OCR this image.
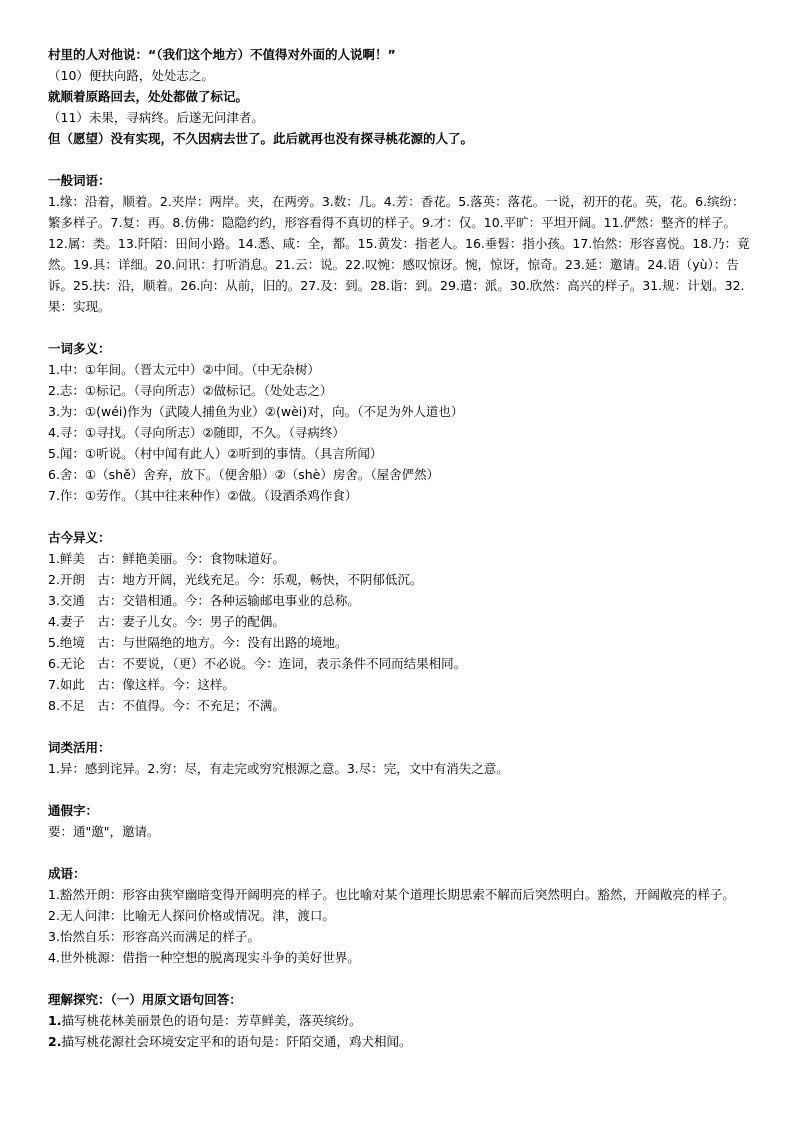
村里的人对他说：“（我们这个地方）不值得对外面的人说啊！”
（10）便扶向路，处处志之。
就顺着原路回去，处处都做了标记。
（11）未果，寻病终。后遂无问津者。
但（愿望）没有实现，不久因病去世了。此后就再也没有探寻桃花源的人了。
一般词语：
1.缘：沿着，顺着。2.夹岸：两岸。夹，在两旁。3.数：几。4.芳：香花。5.落英：落花。一说，初开的花。英，花。6.缤纷：繁多样子。7.复：再。8.仿佛：隐隐约约，形容看得不真切的样子。9.才：仅。10.平旷：平坦开阔。11.俨然：整齐的样子。12.属：类。13.阡陌：田间小路。14.悉、咸：全，都。15.黄发：指老人。16.垂髫：指小孩。17.怡然：形容喜悦。18.乃：竟然。19.具：详细。20.问讯：打听消息。21.云：说。22.叹惋：感叹惊讶。惋，惊讶，惊奇。23.延：邀请。24.语（yù）：告诉。25.扶：沿，顺着。26.向：从前，旧的。27.及：到。28.诣：到。29.遣：派。30.欣然：高兴的样子。31.规：计划。32.果：实现。
一词多义：
1.中：①年间。（晋太元中）②中间。（中无杂树）
2.志：①标记。（寻向所志）②做标记。（处处志之）
3.为：①(wéi)作为（武陵人捕鱼为业）②(wèi)对，向。（不足为外人道也）
4.寻：①寻找。（寻向所志）②随即，不久。（寻病终）
5.闻：①听说。（村中闻有此人）②听到的事情。（具言所闻）
6.舍：①（shě）舍弃，放下。（便舍船）②（shè）房舍。（屋舍俨然）
7.作：①劳作。（其中往来种作）②做。（设酒杀鸡作食）
古今异义：
1.鲜美　古：鲜艳美丽。今：食物味道好。
2.开朗　古：地方开阔，光线充足。今：乐观，畅快，不阴郁低沉。
3.交通　古：交错相通。今：各种运输邮电事业的总称。
4.妻子　古：妻子儿女。今：男子的配偶。
5.绝境　古：与世隔绝的地方。今：没有出路的境地。
6.无论　古：不要说，（更）不必说。今：连词，表示条件不同而结果相同。
7.如此　古：像这样。今：这样。
8.不足　古：不值得。今：不充足；不满。
词类活用：
1.异：感到诧异。2.穷：尽，有走完或穷究根源之意。3.尽：完，文中有消失之意。
通假字：
要：通"邀"，邀请。
成语：
1.豁然开朗：形容由狭窄幽暗变得开阔明亮的样子。也比喻对某个道理长期思索不解而后突然明白。豁然，开阔敞亮的样子。
2.无人问津：比喻无人探问价格或情况。津，渡口。
3.怡然自乐：形容高兴而满足的样子。
4.世外桃源：借指一种空想的脱离现实斗争的美好世界。
理解探究：（一）用原文语句回答：
1.描写桃花林美丽景色的语句是：芳草鲜美，落英缤纷。
2.描写桃花源社会环境安定平和的语句是：阡陌交通，鸡犬相闻。
